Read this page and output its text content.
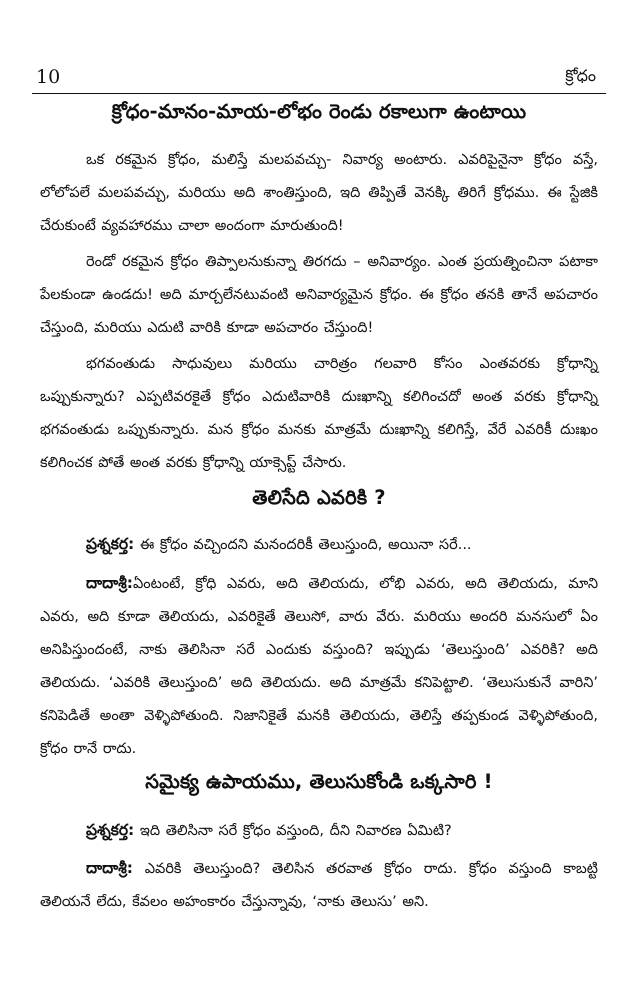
10	క్రోధం
క్రోధం-మానం-మాయ-లోభం రెండు రకాలుగా ఉంటాయి
ఒక రకమైన క్రోధం, మలిస్తే మలపవచ్చు- నివార్య అంటారు. ఎవరిపైనైనా క్రోధం వస్తే, లోలోపలే మలపవచ్చు, మరియు అది శాంతిస్తుంది, ఇది తిప్పితే వెనక్కి తిరిగే క్రోధము. ఈ స్టేజికి చేరుకుంటే వ్యవహారము చాలా అందంగా మారుతుంది!
రెండో రకమైన క్రోధం తిప్పాలనుకున్నా తిరగదు – అనివార్యం. ఎంత ప్రయత్నించినా పటాకా పేలకుండా ఉండదు! అది మార్చలేనటువంటి అనివార్యమైన క్రోధం. ఈ క్రోధం తనకి తానే అపచారం చేస్తుంది, మరియు ఎదుటి వారికి కూడా అపచారం చేస్తుంది!
భగవంతుడు సాధువులు మరియు చారిత్రం గలవారి కోసం ఎంతవరకు క్రోధాన్ని ఒప్పుకున్నారు? ఎప్పటివరకైతే క్రోధం ఎదుటివారికి దుఃఖాన్ని కలిగించదో అంత వరకు క్రోధాన్ని భగవంతుడు ఒప్పుకున్నారు. మన క్రోధం మనకు మాత్రమే దుఃఖాన్ని కలిగిస్తే, వేరే ఎవరికీ దుఃఖం కలిగించక పోతే అంత వరకు క్రోధాన్ని యాక్సెప్ట్ చేసారు.
తెలిసేది ఎవరికి ?
ప్రశ్నకర్త: ఈ క్రోధం వచ్చిందని మనందరికీ తెలుస్తుంది, అయినా సరే...
దాదాశ్రీ:ఏంటంటే, క్రోధి ఎవరు, అది తెలియదు, లోభి ఎవరు, అది తెలియదు, మాని ఎవరు, అది కూడా తెలియదు, ఎవరికైతే తెలుసో, వారు వేరు. మరియు అందరి మనసులో ఏం అనిపిస్తుందంటే, నాకు తెలిసినా సరే ఎందుకు వస్తుంది? ఇప్పుడు ‘తెలుస్తుంది’ ఎవరికి? అది తెలియదు. ‘ఎవరికి తెలుస్తుంది’ అది తెలియదు. అది మాత్రమే కనిపెట్టాలి. ‘తెలుసుకునే వారిని’ కనిపెడితే అంతా వెళ్ళిపోతుంది. నిజానికైతే మనకి తెలియదు, తెలిస్తే తప్పకుండ వెళ్ళిపోతుంది, క్రోధం రానే రాదు.
సమైక్య ఉపాయము, తెలుసుకోండి ఒక్కసారి !
ప్రశ్నకర్త: ఇది తెలిసినా సరే క్రోధం వస్తుంది, దీని నివారణ ఏమిటి?
దాదాశ్రీ: ఎవరికి తెలుస్తుంది? తెలిసిన తరవాత క్రోధం రాదు. క్రోధం వస్తుంది కాబట్టి తెలియనే లేదు, కేవలం అహంకారం చేస్తున్నావు, ‘నాకు తెలుసు’ అని.
